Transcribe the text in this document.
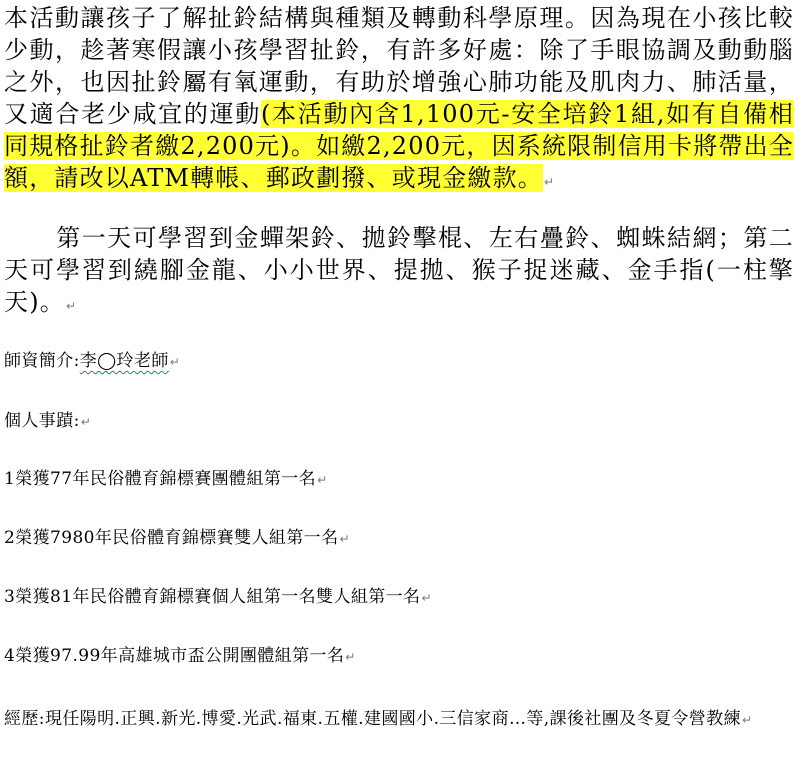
本活動讓孩子了解扯鈴結構與種類及轉動科學原理。因為現在小孩比較少動，趁著寒假讓小孩學習扯鈴，有許多好處：除了手眼協調及動動腦之外，也因扯鈴屬有氧運動，有助於增強心肺功能及肌肉力、肺活量，又適合老少咸宜的運動(本活動內含1,100元-安全培鈴1組,如有自備相同規格扯鈴者繳2,200元)。如繳2,200元，因系統限制信用卡將帶出全額，請改以ATM轉帳、郵政劃撥、或現金繳款。↵

第一天可學習到金蟬架鈴、拋鈴擊棍、左右疊鈴、蜘蛛結網；第二天可學習到繞腳金龍、小小世界、提拋、猴子捉迷藏、金手指(一柱擎天)。↵

師資簡介:李◯玲老師↵

個人事蹟:↵

1榮獲77年民俗體育錦標賽團體組第一名↵

2榮獲7980年民俗體育錦標賽雙人組第一名↵

3榮獲81年民俗體育錦標賽個人組第一名雙人組第一名↵

4榮獲97.99年高雄城市盃公開團體組第一名↵

經歷:現任陽明.正興.新光.博愛.光武.福東.五權.建國國小.三信家商…等,課後社團及冬夏令營教練↵
